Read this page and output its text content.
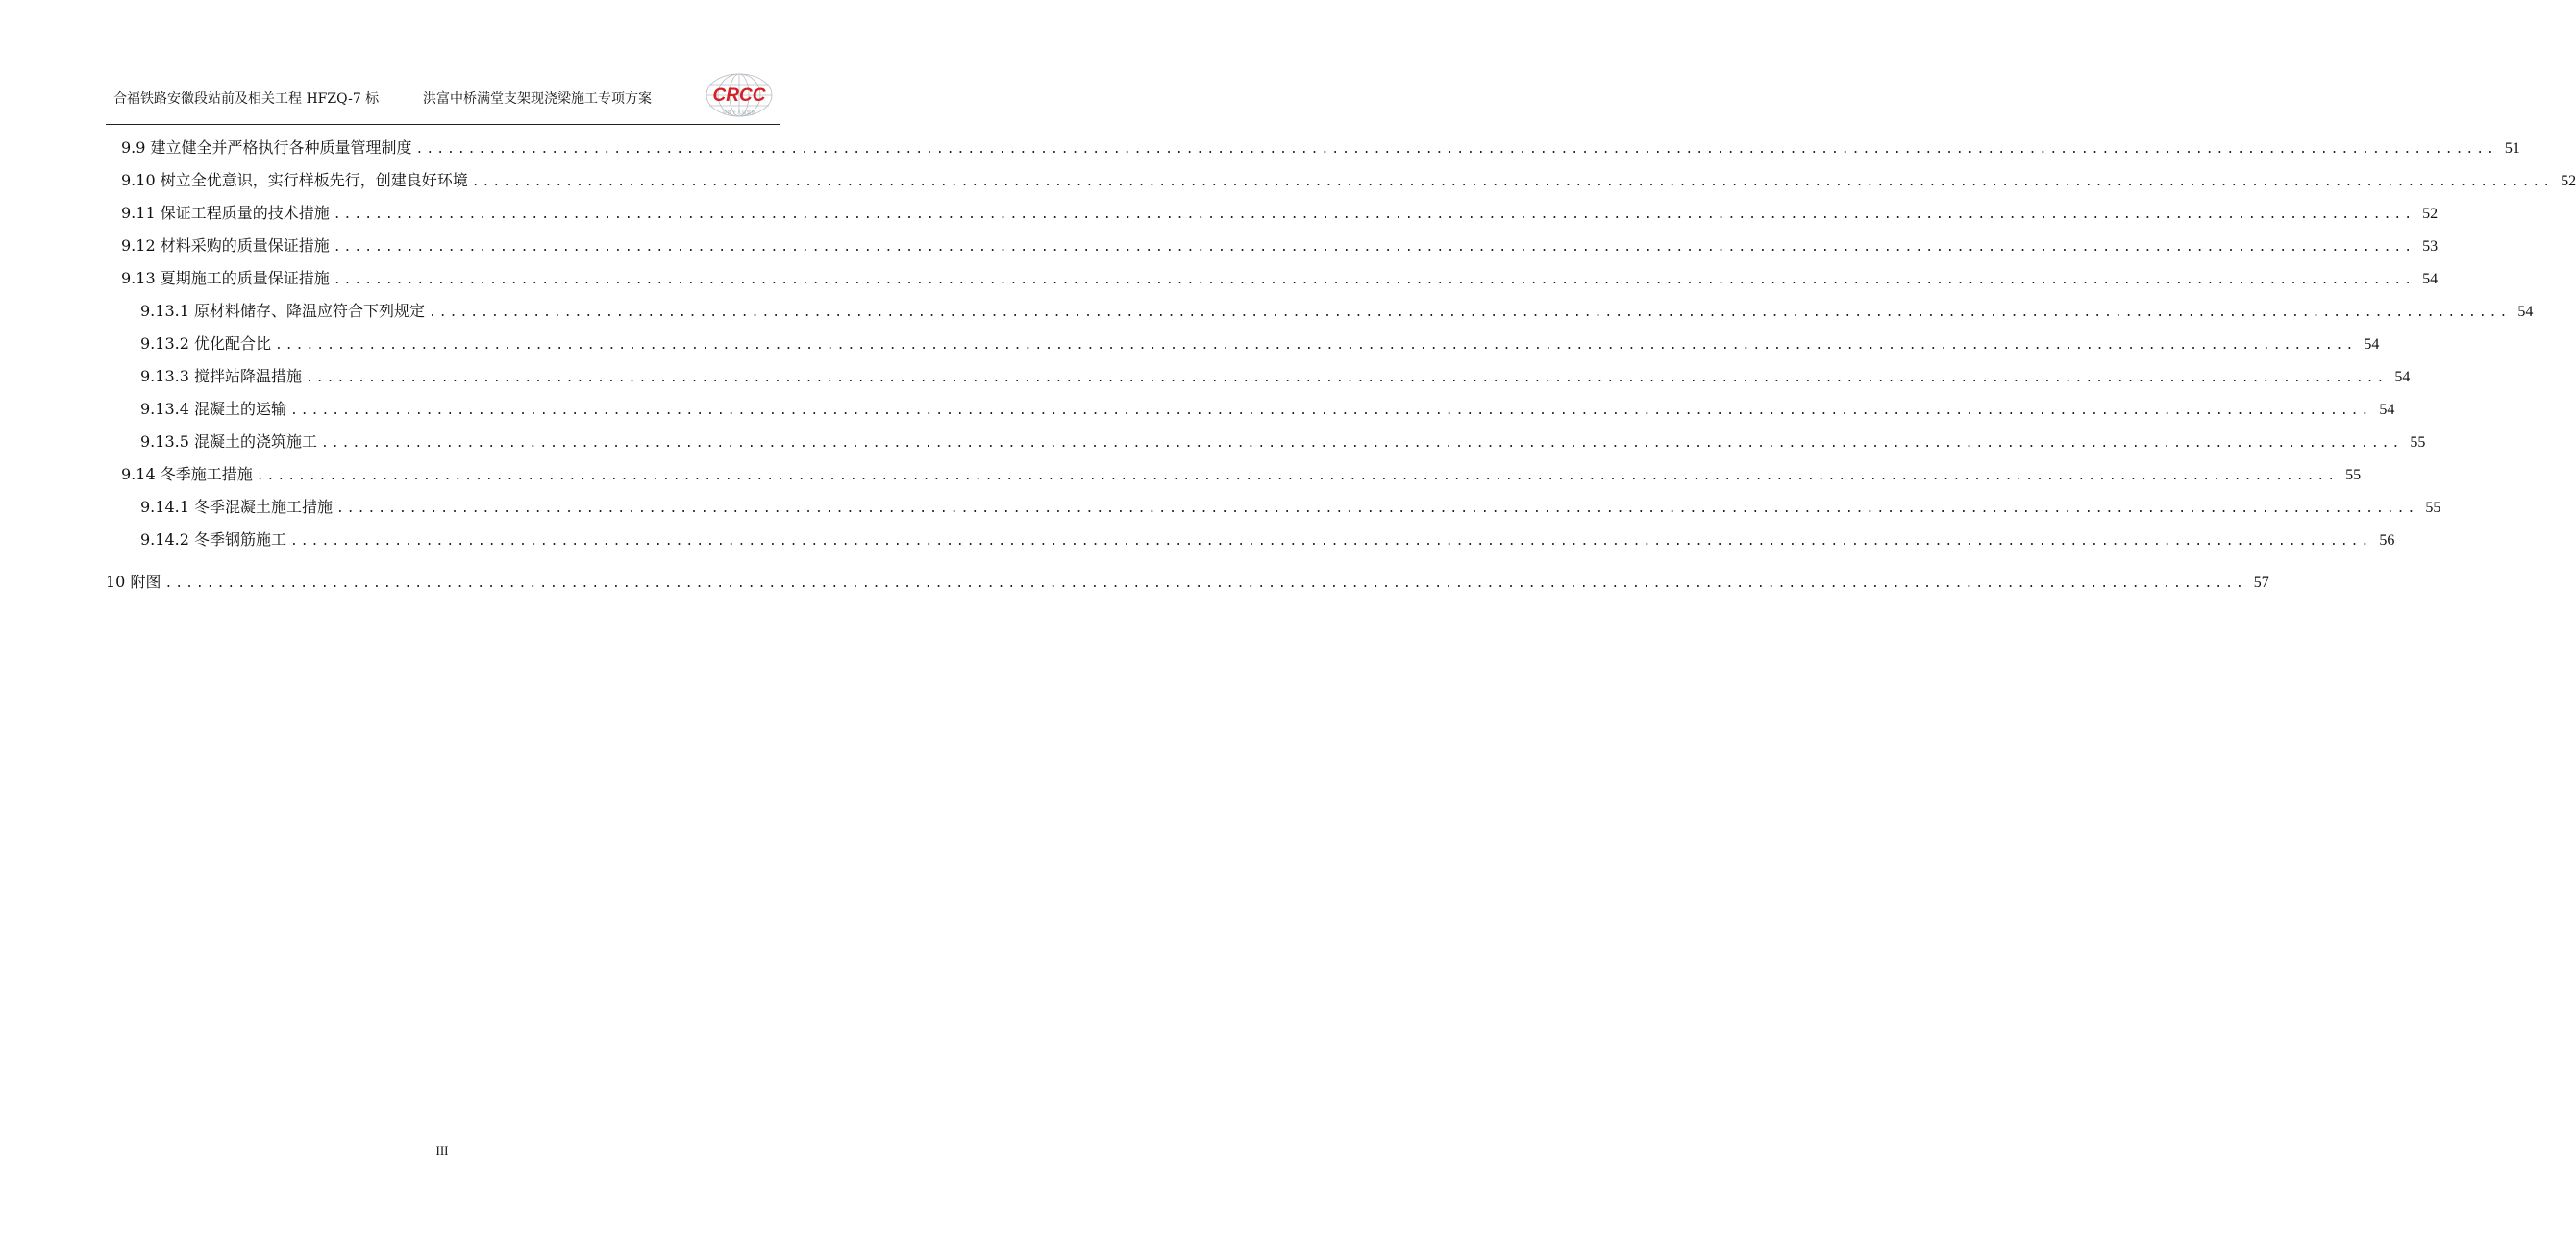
合福铁路安徽段站前及相关工程 HFZQ-7 标	洪富中桥满堂支架现浇梁施工专项方案	CRCC
中铁十八局集团
9.9 建立健全并严格执行各种质量管理制度 ........................................................................................................................................................................................................ 51
9.10 树立全优意识，实行样板先行，创建良好环境 ........................................................................................................................................................................................................ 52
9.11 保证工程质量的技术措施 ........................................................................................................................................................................................................ 52
9.12 材料采购的质量保证措施 ........................................................................................................................................................................................................ 53
9.13 夏期施工的质量保证措施 ........................................................................................................................................................................................................ 54
9.13.1 原材料储存、降温应符合下列规定 ........................................................................................................................................................................................................ 54
9.13.2 优化配合比 ........................................................................................................................................................................................................ 54
9.13.3 搅拌站降温措施 ........................................................................................................................................................................................................ 54
9.13.4 混凝土的运输 ........................................................................................................................................................................................................ 54
9.13.5 混凝土的浇筑施工 ........................................................................................................................................................................................................ 55
9.14 冬季施工措施 ........................................................................................................................................................................................................ 55
9.14.1 冬季混凝土施工措施 ........................................................................................................................................................................................................ 55
9.14.2 冬季钢筋施工 ........................................................................................................................................................................................................ 56
10 附图 ........................................................................................................................................................................................................ 57
III
